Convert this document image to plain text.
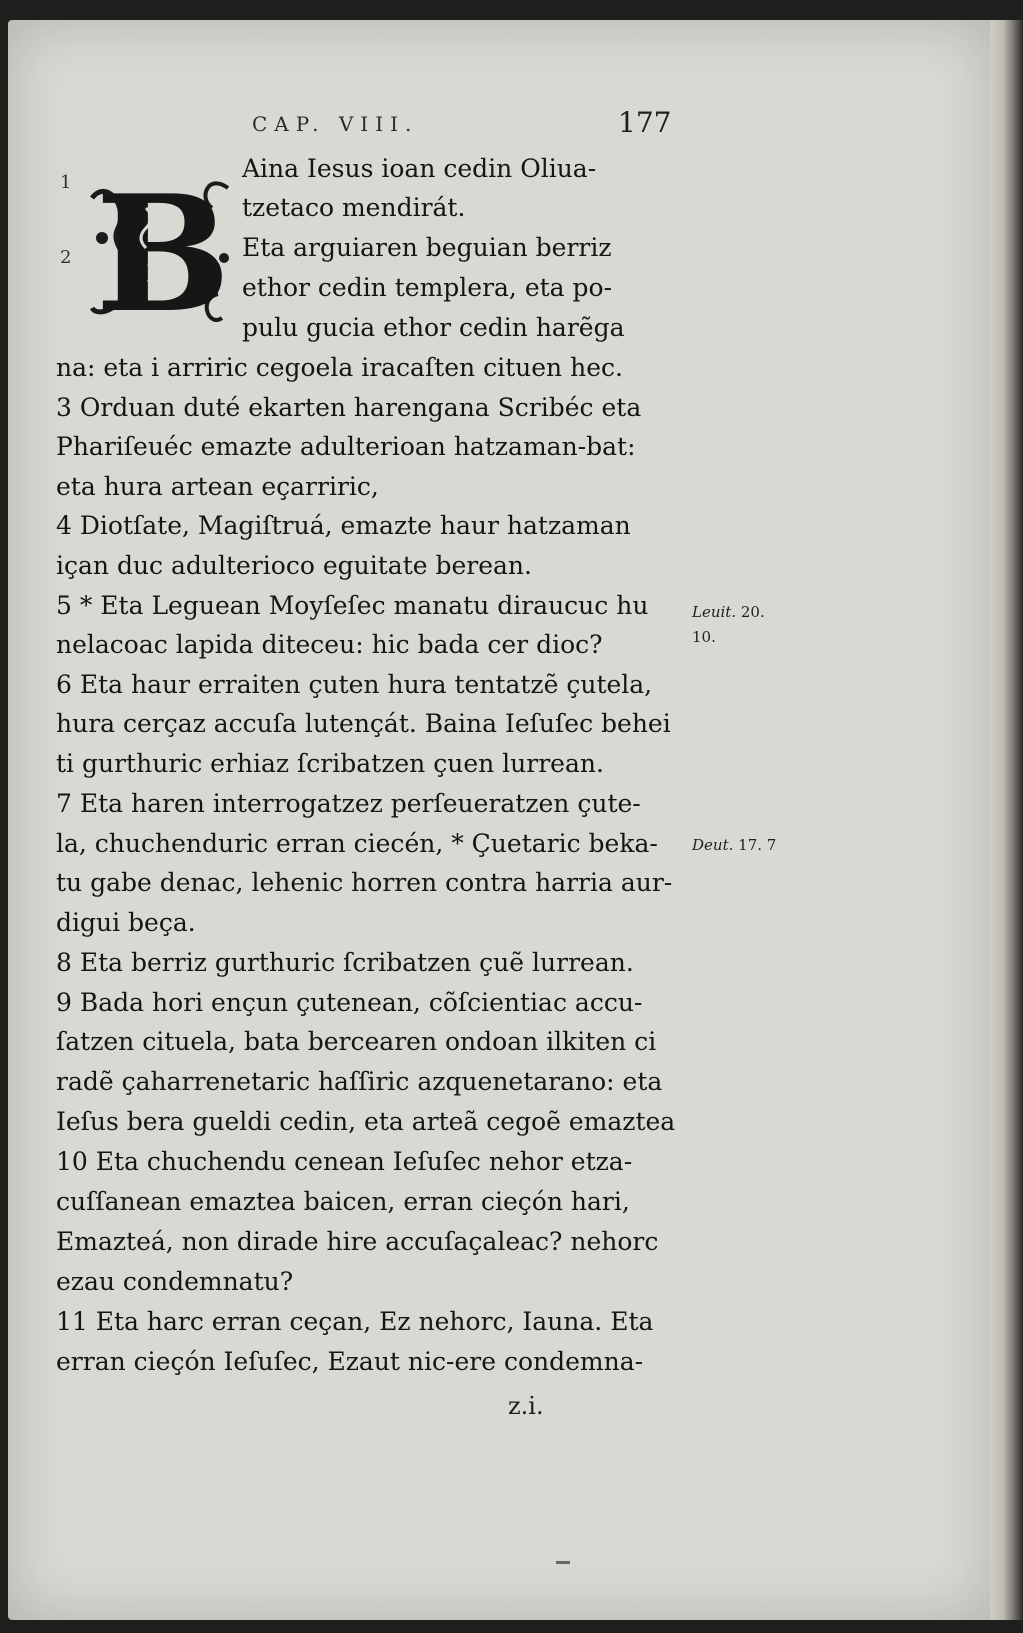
CAP. VIII.	177
1
2 B Aina Iesus ioan cedin Oliua-
tzetaco mendirát.
Eta arguiaren beguian berriz
ethor cedin templera, eta po-
pulu gucia ethor cedin harẽga
na: eta i arriric cegoela iracaſten cituen hec.
3 Orduan duté ekarten harengana Scribéc eta
Phariſeuéc emazte adulterioan hatzaman-bat:
eta hura artean eçarriric,
4 Diotſate, Magiſtruá, emazte haur hatzaman
içan duc adulterioco eguitate berean.
5 * Eta Leguean Moyſeſec manatu diraucuc hu
nelacoac lapida diteceu: hic bada cer dioc?
6 Eta haur erraiten çuten hura tentatzẽ çutela,
hura cerçaz accuſa lutençát. Baina Ieſuſec behei
ti gurthuric erhiaz ſcribatzen çuen lurrean.
7 Eta haren interrogatzez perſeueratzen çute-
la, chuchenduric erran ciecén, * Çuetaric beka-
tu gabe denac, lehenic horren contra harria aur-
digui beça.
8 Eta berriz gurthuric ſcribatzen çuẽ lurrean.
9 Bada hori ençun çutenean, cõſcientiac accu-
ſatzen cituela, bata bercearen ondoan ilkiten ci
radẽ çaharrenetaric haſſiric azquenetarano: eta
Ieſus bera gueldi cedin, eta arteã cegoẽ emaztea
10 Eta chuchendu cenean Ieſuſec nehor etza-
cuſſanean emaztea baicen, erran cieçón hari,
Emazteá, non dirade hire accuſaçaleac? nehorc
ezau condemnatu?
11 Eta harc erran ceçan, Ez nehorc, Iauna. Eta
erran cieçón Ieſuſec, Ezaut nic-ere condemna-
Leuit. 20.
10.
Deut. 17. 7
z.i.
